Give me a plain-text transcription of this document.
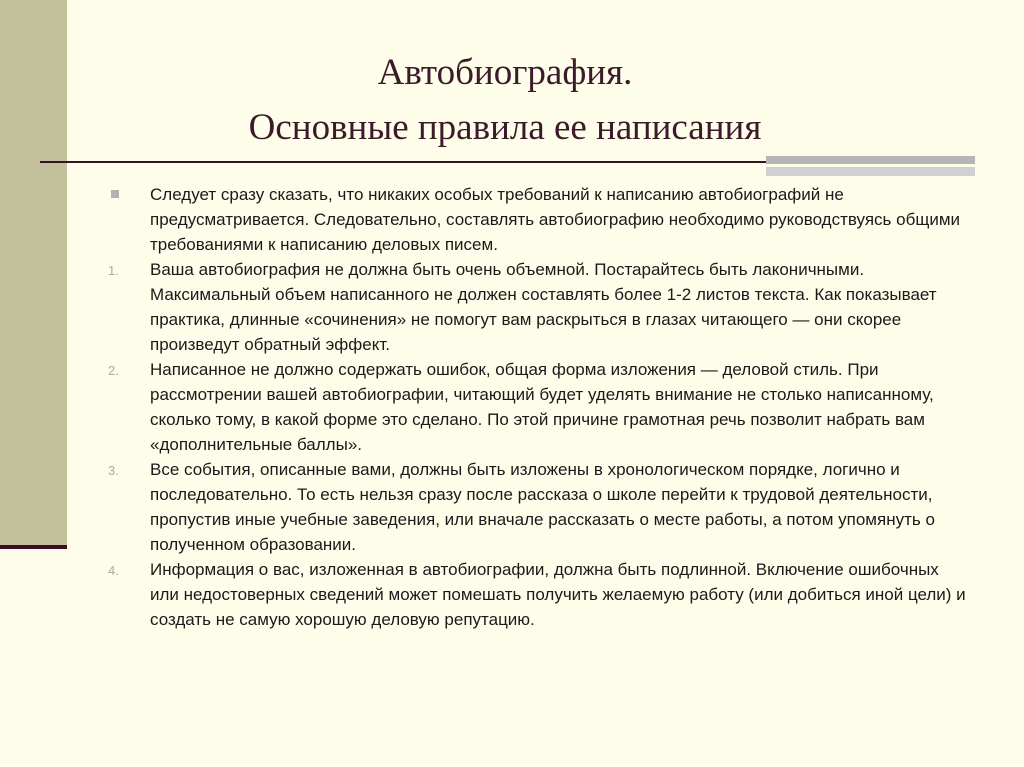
Автобиография.
Основные правила ее написания
Следует сразу сказать, что никаких особых требований к написанию автобиографий не предусматривается. Следовательно, составлять автобиографию необходимо руководствуясь общими требованиями к написанию деловых писем.
1. Ваша автобиография не должна быть очень объемной. Постарайтесь быть лаконичными. Максимальный объем написанного не должен составлять более 1-2 листов текста. Как показывает практика, длинные «сочинения» не помогут вам раскрыться в глазах читающего — они скорее произведут обратный эффект.
2. Написанное не должно содержать ошибок, общая форма изложения — деловой стиль. При рассмотрении вашей автобиографии, читающий будет уделять внимание не столько написанному, сколько тому, в какой форме это сделано. По этой причине грамотная речь позволит набрать вам «дополнительные баллы».
3. Все события, описанные вами, должны быть изложены в хронологическом порядке, логично и последовательно. То есть нельзя сразу после рассказа о школе перейти к трудовой деятельности, пропустив иные учебные заведения, или вначале рассказать о месте работы, а потом упомянуть о полученном образовании.
4. Информация о вас, изложенная в автобиографии, должна быть подлинной. Включение ошибочных или недостоверных сведений может помешать получить желаемую работу (или добиться иной цели) и создать не самую хорошую деловую репутацию.
